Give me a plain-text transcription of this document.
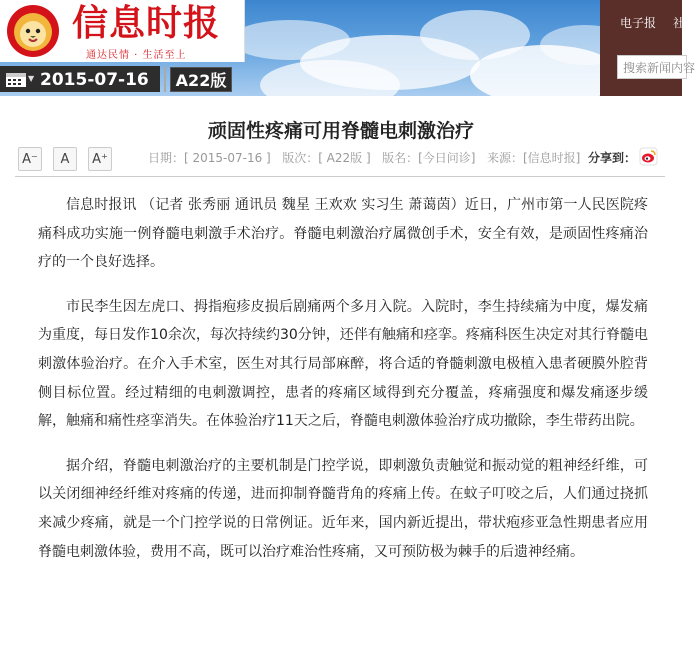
信息时报
通达民情 · 生活至上
电子报 社
搜索新闻内容
▼ 2015-07-16	A22版
顽固性疼痛可用脊髓电刺激治疗
A⁻	A	A⁺	日期：[ 2015-07-16 ] 版次：[ A22版 ] 版名：[今日问诊] 来源：[信息时报] 分享到：

信息时报讯 （记者 张秀丽 通讯员 魏星 王欢欢 实习生 萧蔼茵）近日，广州市第一人民医院疼痛科成功实施一例脊髓电刺激手术治疗。脊髓电刺激治疗属微创手术，安全有效，是顽固性疼痛治疗的一个良好选择。

市民李生因左虎口、拇指疱疹皮损后剧痛两个多月入院。入院时，李生持续痛为中度，爆发痛为重度，每日发作10余次，每次持续约30分钟，还伴有触痛和痉挛。疼痛科医生决定对其行脊髓电刺激体验治疗。在介入手术室，医生对其行局部麻醉，将合适的脊髓刺激电极植入患者硬膜外腔背侧目标位置。经过精细的电刺激调控，患者的疼痛区域得到充分覆盖，疼痛强度和爆发痛逐步缓解，触痛和痛性痉挛消失。在体验治疗11天之后，脊髓电刺激体验治疗成功撤除，李生带药出院。

据介绍，脊髓电刺激治疗的主要机制是门控学说，即刺激负责触觉和振动觉的粗神经纤维，可以关闭细神经纤维对疼痛的传递，进而抑制脊髓背角的疼痛上传。在蚊子叮咬之后，人们通过挠抓来减少疼痛，就是一个门控学说的日常例证。近年来，国内新近提出，带状疱疹亚急性期患者应用脊髓电刺激体验，费用不高，既可以治疗难治性疼痛，又可预防极为棘手的后遗神经痛。
